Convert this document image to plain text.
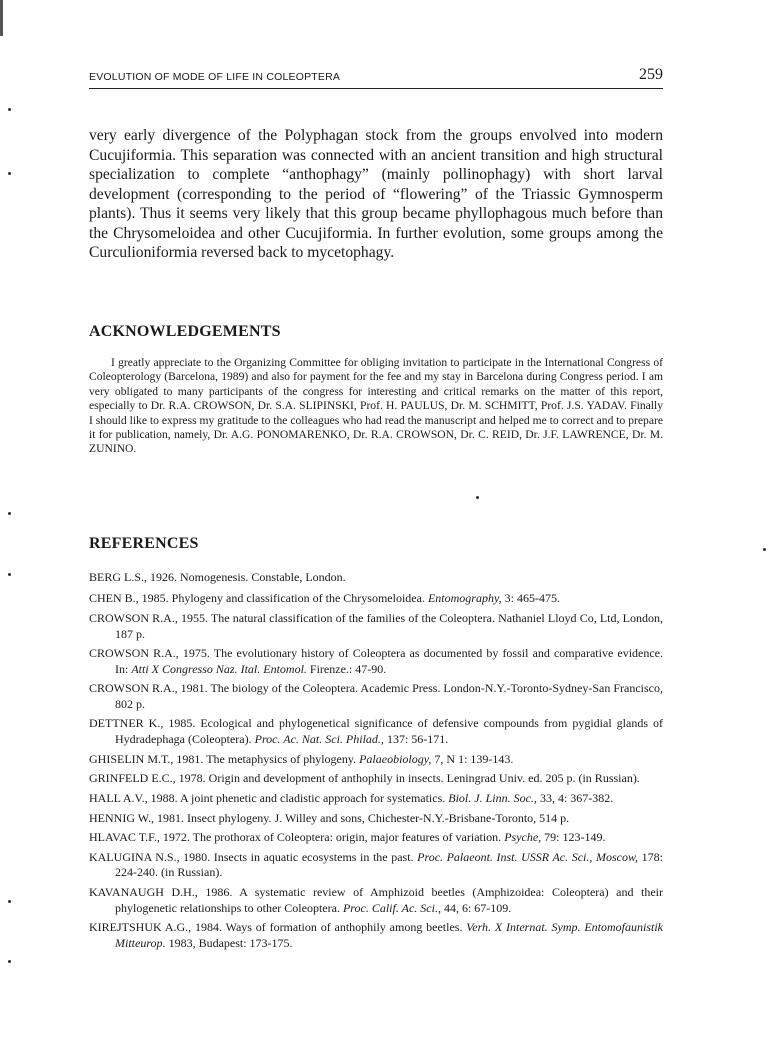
EVOLUTION OF MODE OF LIFE IN COLEOPTERA	259

very early divergence of the Polyphagan stock from the groups envolved into modern Cucujiformia. This separation was connected with an ancient transition and high structural specialization to complete “anthophagy” (mainly pollinophagy) with short larval development (corresponding to the period of “flowering” of the Triassic Gymnosperm plants). Thus it seems very likely that this group became phyllophagous much before than the Chrysomeloidea and other Cucujiformia. In further evolution, some groups among the Curculioniformia reversed back to mycetophagy.

ACKNOWLEDGEMENTS

I greatly appreciate to the Organizing Committee for obliging invitation to participate in the International Congress of Coleopterology (Barcelona, 1989) and also for payment for the fee and my stay in Barcelona during Congress period. I am very obligated to many participants of the congress for interesting and critical remarks on the matter of this report, especially to Dr. R.A. CROWSON, Dr. S.A. SLIPINSKI, Prof. H. PAULUS, Dr. M. SCHMITT, Prof. J.S. YADAV. Finally I should like to express my gratitude to the colleagues who had read the manuscript and helped me to correct and to prepare it for publication, namely, Dr. A.G. PONOMARENKO, Dr. R.A. CROWSON, Dr. C. REID, Dr. J.F. LAWRENCE, Dr. M. ZUNINO.

REFERENCES
BERG L.S., 1926. Nomogenesis. Constable, London.
CHEN B., 1985. Phylogeny and classification of the Chrysomeloidea. Entomography, 3: 465-475.
CROWSON R.A., 1955. The natural classification of the families of the Coleoptera. Nathaniel Lloyd Co, Ltd, London, 187 p.
CROWSON R.A., 1975. The evolutionary history of Coleoptera as documented by fossil and comparative evidence. In: Atti X Congresso Naz. Ital. Entomol. Firenze.: 47-90.
CROWSON R.A., 1981. The biology of the Coleoptera. Academic Press. London-N.Y.-Toronto-Sydney-San Francisco, 802 p.
DETTNER K., 1985. Ecological and phylogenetical significance of defensive compounds from pygidial glands of Hydradephaga (Coleoptera). Proc. Ac. Nat. Sci. Philad., 137: 56-171.
GHISELIN M.T., 1981. The metaphysics of phylogeny. Palaeobiology, 7, N 1: 139-143.
GRINFELD E.C., 1978. Origin and development of anthophily in insects. Leningrad Univ. ed. 205 p. (in Russian).
HALL A.V., 1988. A joint phenetic and cladistic approach for systematics. Biol. J. Linn. Soc., 33, 4: 367-382.
HENNIG W., 1981. Insect phylogeny. J. Willey and sons, Chichester-N.Y.-Brisbane-Toronto, 514 p.
HLAVAC T.F., 1972. The prothorax of Coleoptera: origin, major features of variation. Psyche, 79: 123-149.
KALUGINA N.S., 1980. Insects in aquatic ecosystems in the past. Proc. Palaeont. Inst. USSR Ac. Sci., Moscow, 178: 224-240. (in Russian).
KAVANAUGH D.H., 1986. A systematic review of Amphizoid beetles (Amphizoidea: Coleoptera) and their phylogenetic relationships to other Coleoptera. Proc. Calif. Ac. Sci., 44, 6: 67-109.
KIREJTSHUK A.G., 1984. Ways of formation of anthophily among beetles. Verh. X Internat. Symp. Entomofaunistik Mitteurop. 1983, Budapest: 173-175.
